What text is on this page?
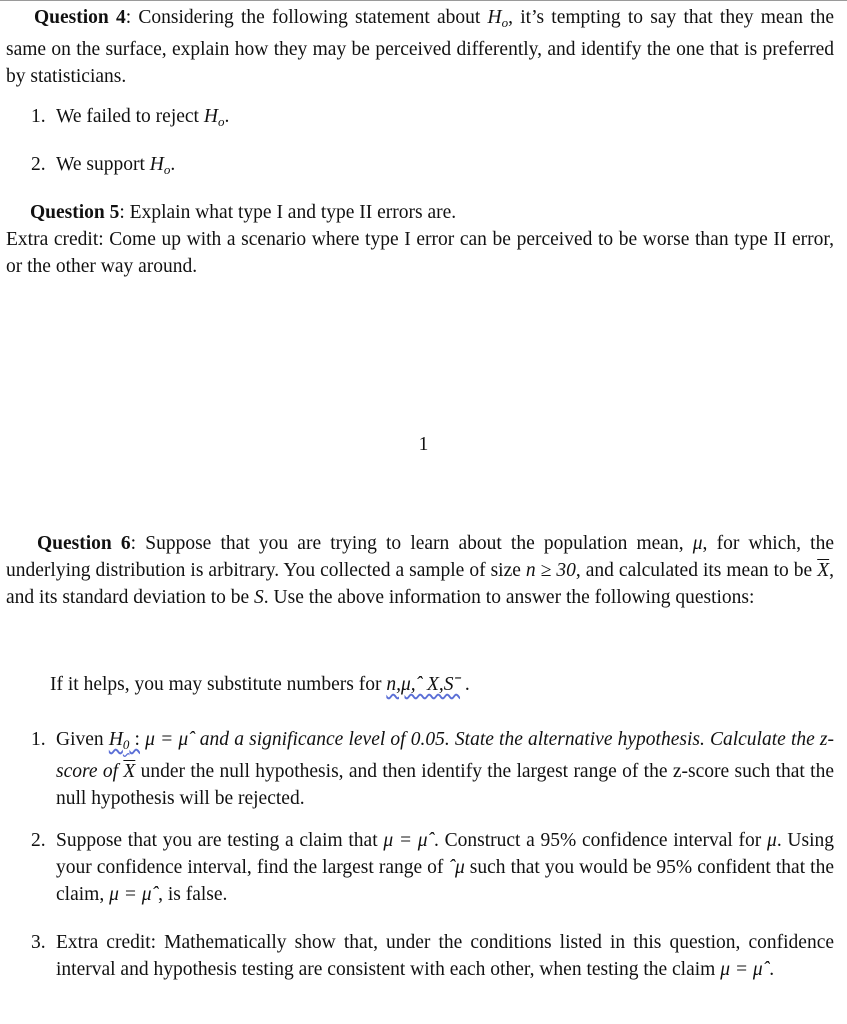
Question 4: Considering the following statement about $H_o$, it’s tempting to say that they mean the same on the surface, explain how they may be perceived differently, and identify the one that is preferred by statisticians.

1. We failed to reject $H_o$.
2. We support $H_o$.

Question 5: Explain what type I and type II errors are.

Extra credit: Come up with a scenario where type I error can be perceived to be worse than type II error, or the other way around.

1

Question 6: Suppose that you are trying to learn about the population mean, μ, for which, the underlying distribution is arbitrary. You collected a sample of size n ≥ 30, and calculated its mean to be $\overline{X}$, and its standard deviation to be S. Use the above information to answer the following questions:

If it helps, you may substitute numbers for n,μ,ˆ X,Sˉ .
1. Given $H_0$ : μ = μˆ and a significance level of 0.05. State the alternative hypothesis. Calculate the z-score of $\overline{X}$ under the null hypothesis, and then identify the largest range of the z-score such that the null hypothesis will be rejected.
2. Suppose that you are testing a claim that μ = μˆ. Construct a 95% confidence interval for μ. Using your confidence interval, find the largest range of ˆμ such that you would be 95% confident that the claim, μ = μˆ, is false.
3. Extra credit: Mathematically show that, under the conditions listed in this question, confidence interval and hypothesis testing are consistent with each other, when testing the claim μ = μˆ.
